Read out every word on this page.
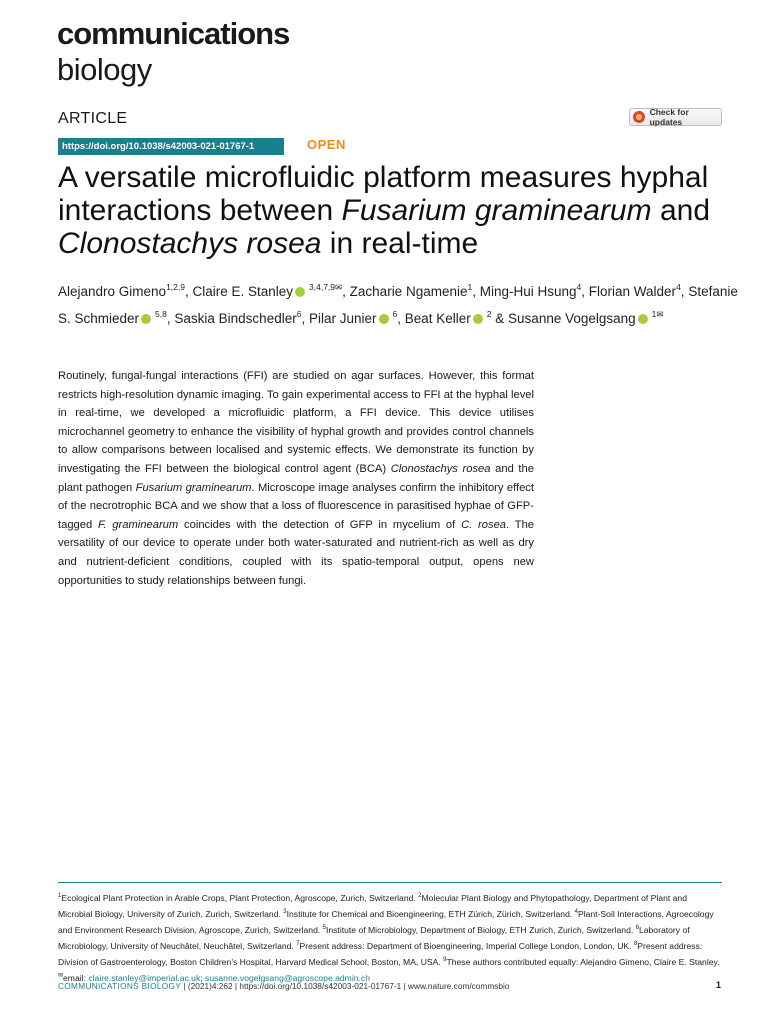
communications
biology
ARTICLE	Check for updates
https://doi.org/10.1038/s42003-021-01767-1	OPEN
A versatile microfluidic platform measures hyphal interactions between Fusarium graminearum and Clonostachys rosea in real-time
Alejandro Gimeno$^{1,2,9}$, Claire E. Stanley $^{3,4,7,9✉}$, Zacharie Ngamenie$^1$, Ming-Hui Hsung$^4$, Florian Walder$^4$, Stefanie S. Schmieder $^{5,8}$, Saskia Bindschedler$^6$, Pilar Junier $^6$, Beat Keller $^2$ & Susanne Vogelgsang $^{1✉}$
Routinely, fungal-fungal interactions (FFI) are studied on agar surfaces. However, this format restricts high-resolution dynamic imaging. To gain experimental access to FFI at the hyphal level in real-time, we developed a microfluidic platform, a FFI device. This device utilises microchannel geometry to enhance the visibility of hyphal growth and provides control channels to allow comparisons between localised and systemic effects. We demonstrate its function by investigating the FFI between the biological control agent (BCA) Clonostachys rosea and the plant pathogen Fusarium graminearum. Microscope image analyses confirm the inhibitory effect of the necrotrophic BCA and we show that a loss of fluorescence in parasitised hyphae of GFP-tagged F. graminearum coincides with the detection of GFP in mycelium of C. rosea. The versatility of our device to operate under both water-saturated and nutrient-rich as well as dry and nutrient-deficient conditions, coupled with its spatio-temporal output, opens new opportunities to study relationships between fungi.
$^1$Ecological Plant Protection in Arable Crops, Plant Protection, Agroscope, Zurich, Switzerland. $^2$Molecular Plant Biology and Phytopathology, Department of Plant and Microbial Biology, University of Zurich, Zurich, Switzerland. $^3$Institute for Chemical and Bioengineering, ETH Zürich, Zürich, Switzerland. $^4$Plant-Soil Interactions, Agroecology and Environment Research Division, Agroscope, Zurich, Switzerland. $^5$Institute of Microbiology, Department of Biology, ETH Zurich, Zurich, Switzerland. $^6$Laboratory of Microbiology, University of Neuchâtel, Neuchâtel, Switzerland. $^7$Present address: Department of Bioengineering, Imperial College London, London, UK. $^8$Present address: Division of Gastroenterology, Boston Children’s Hospital, Harvard Medical School, Boston, MA, USA. $^9$These authors contributed equally: Alejandro Gimeno, Claire E. Stanley. ✉email: claire.stanley@imperial.ac.uk; susanne.vogelgsang@agroscope.admin.ch
COMMUNICATIONS BIOLOGY | (2021)4:262 | https://doi.org/10.1038/s42003-021-01767-1 | www.nature.com/commsbio	1
